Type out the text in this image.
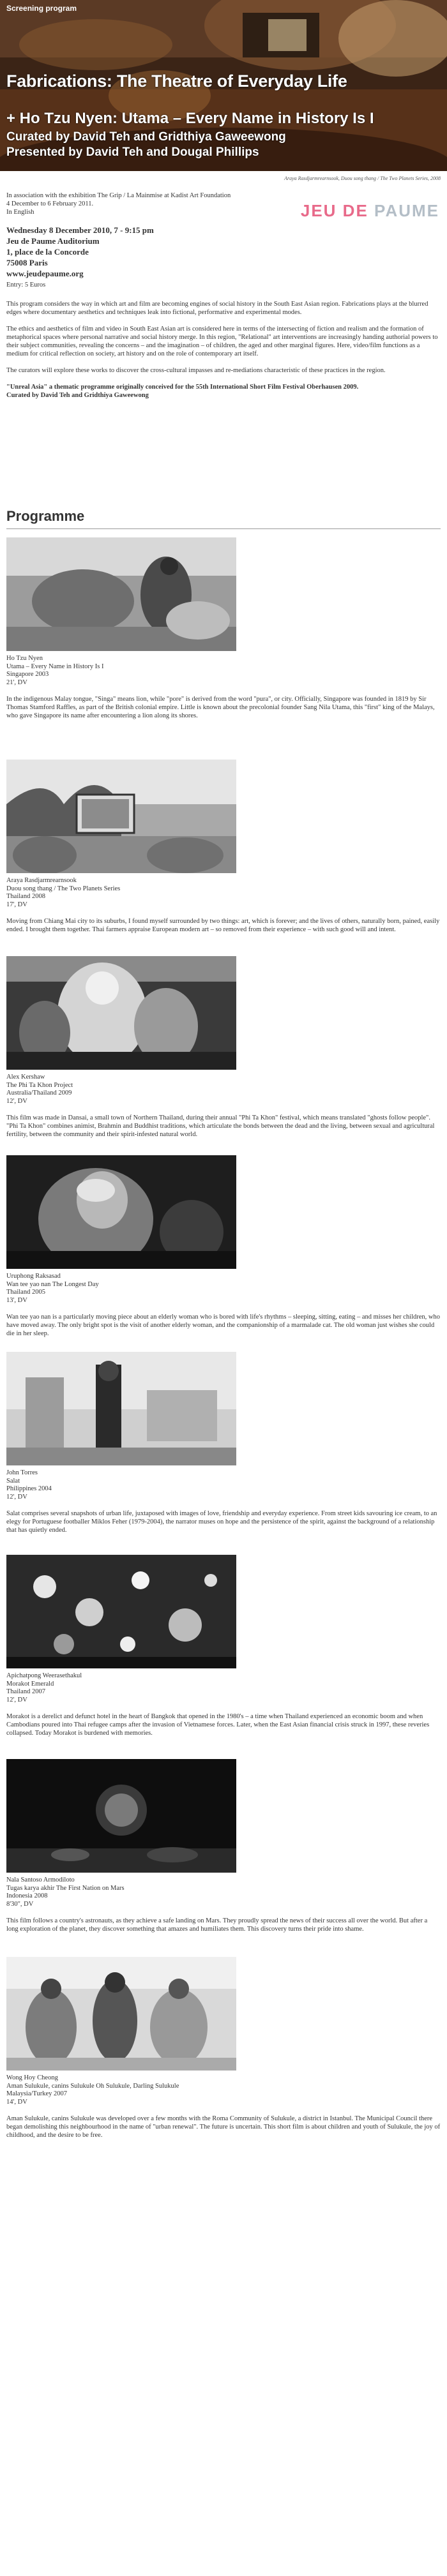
Screening program
Fabrications: The Theatre of Everyday Life
+ Ho Tzu Nyen: Utama – Every Name in History Is I
Curated by David Teh and Gridthiya Gaweewong
Presented by David Teh and Dougal Phillips
Araya Rasdjarmrearnsook, Duou song thang / The Two Planets Series, 2008

In association with the exhibition The Grip / La Mainmise at Kadist Art Foundation

4 December to 6 February 2011.

In English	JEU DE PAUME
Wednesday 8 December 2010, 7 - 9:15 pm
Jeu de Paume Auditorium
1, place de la Concorde
75008 Paris
www.jeudepaume.org
Entry: 5 Euros

This program considers the way in which art and film are becoming engines of social history in the South East Asian region. Fabrications plays at the blurred edges where documentary aesthetics and techniques leak into fictional, performative and experimental modes.

The ethics and aesthetics of film and video in South East Asian art is considered here in terms of the intersecting of fiction and realism and the formation of metaphorical spaces where personal narrative and social history merge. In this region, "Relational" art interventions are increasingly handing authorial powers to their subject communities, revealing the concerns – and the imagination – of children, the aged and other marginal figures. Here, video/film functions as a medium for critical reflection on society, art history and on the role of contemporary art itself.

The curators will explore these works to discover the cross-cultural impasses and re-mediations characteristic of these practices in the region.

"Unreal Asia" a thematic programme originally conceived for the 55th International Short Film Festival Oberhausen 2009.

Curated by David Teh and Gridthiya Gaweewong

Programme
Ho Tzu Nyen
Utama – Every Name in History Is I
Singapore 2003
21', DV
In the indigenous Malay tongue, "Singa" means lion, while "pore" is derived from the word "pura", or city. Officially, Singapore was founded in 1819 by Sir Thomas Stamford Raffles, as part of the British colonial empire. Little is known about the precolonial founder Sang Nila Utama, this "first" king of the Malays, who gave Singapore its name after encountering a lion along its shores.
Araya Rasdjarmrearnsook
Duou song thang / The Two Planets Series
Thailand 2008
17', DV
Moving from Chiang Mai city to its suburbs, I found myself surrounded by two things: art, which is forever; and the lives of others, naturally born, pained, easily ended. I brought them together. Thai farmers appraise European modern art – so removed from their experience – with such good will and intent.
Alex Kershaw
The Phi Ta Khon Project
Australia/Thailand 2009
12', DV
This film was made in Dansai, a small town of Northern Thailand, during their annual "Phi Ta Khon" festival, which means translated "ghosts follow people". "Phi Ta Khon" combines animist, Brahmin and Buddhist traditions, which articulate the bonds between the dead and the living, between sexual and agricultural fertility, between the community and their spirit-infested natural world.
Uruphong Raksasad
Wan tee yao nan The Longest Day
Thailand 2005
13', DV
Wan tee yao nan is a particularly moving piece about an elderly woman who is bored with life's rhythms – sleeping, sitting, eating – and misses her children, who have moved away. The only bright spot is the visit of another elderly woman, and the companionship of a marmalade cat. The old woman just wishes she could die in her sleep.
John Torres
Salat
Philippines 2004
12', DV
Salat comprises several snapshots of urban life, juxtaposed with images of love, friendship and everyday experience. From street kids savouring ice cream, to an elegy for Portuguese footballer Miklos Feher (1979-2004), the narrator muses on hope and the persistence of the spirit, against the background of a relationship that has quietly ended.
Apichatpong Weerasethakul
Morakot Emerald
Thailand 2007
12', DV
Morakot is a derelict and defunct hotel in the heart of Bangkok that opened in the 1980's – a time when Thailand experienced an economic boom and when Cambodians poured into Thai refugee camps after the invasion of Vietnamese forces. Later, when the East Asian financial crisis struck in 1997, these reveries collapsed. Today Morakot is burdened with memories.
Nala Santoso Armodiloto
Tugas karya akhir The First Nation on Mars
Indonesia 2008
8'30", DV
This film follows a country's astronauts, as they achieve a safe landing on Mars. They proudly spread the news of their success all over the world. But after a long exploration of the planet, they discover something that amazes and humiliates them. This discovery turns their pride into shame.
Wong Hoy Cheong
Aman Sulukule, canins Sulukule Oh Sulukule, Darling Sulukule
Malaysia/Turkey 2007
14', DV
Aman Sulukule, canins Sulukule was developed over a few months with the Roma Community of Sulukule, a district in Istanbul. The Municipal Council there began demolishing this neighbourhood in the name of "urban renewal". The future is uncertain. This short film is about children and youth of Sulukule, the joy of childhood, and the desire to be free.
